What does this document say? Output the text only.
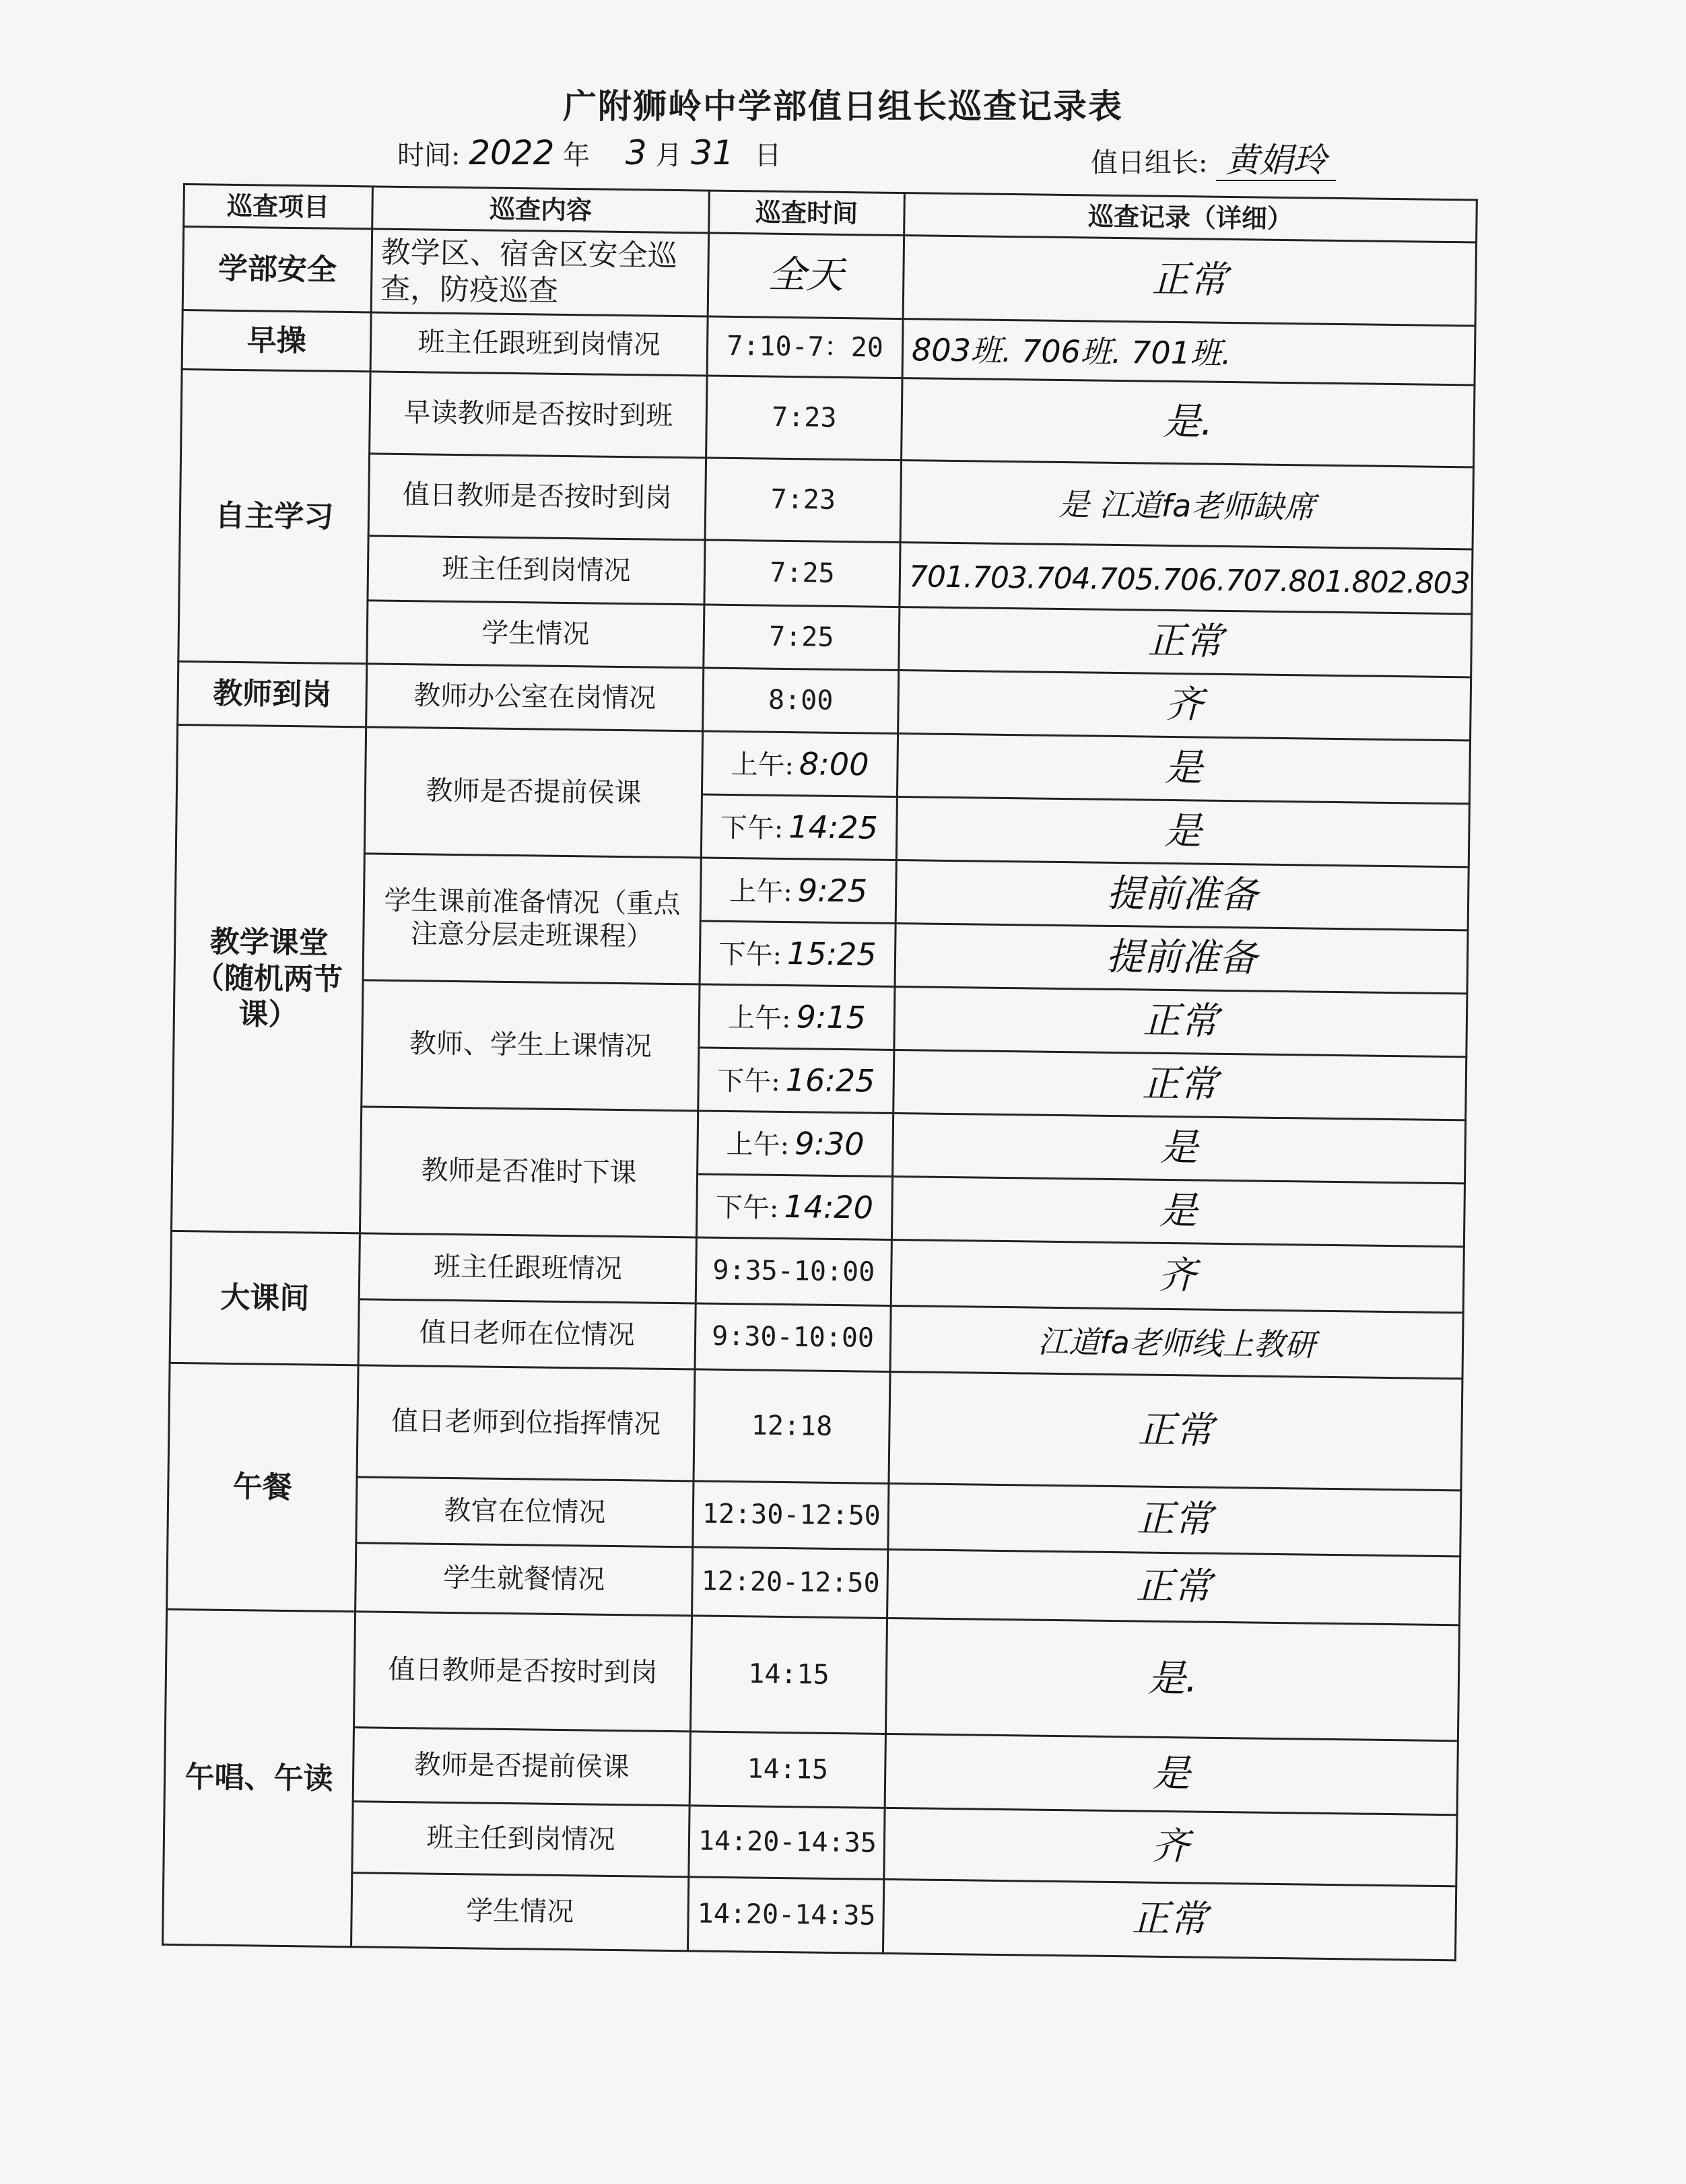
广附狮岭中学部值日组长巡查记录表
时间: 2022 年 3 月 31 日	值日组长: 黄娟玲
巡查项目	巡查内容	巡查时间	巡查记录（详细）
学部安全	教学区、宿舍区安全巡查，防疫巡查	全天	正常
早操	班主任跟班到岗情况	7:10-7：20	803班. 706班. 701班.
自主学习	早读教师是否按时到班	7:23	是.
	值日教师是否按时到岗	7:23	是 江道fa老师缺席
	班主任到岗情况	7:25	701.703.704.705.706.707.801.802.803
	学生情况	7:25	正常
教师到岗	教师办公室在岗情况	8:00	齐
教学课堂（随机两节课）	教师是否提前侯课	上午: 8:00	是
		下午: 14:25	是
	学生课前准备情况（重点注意分层走班课程）	上午: 9:25	提前准备
		下午: 15:25	提前准备
	教师、学生上课情况	上午: 9:15	正常
		下午: 16:25	正常
	教师是否准时下课	上午: 9:30	是
		下午: 14:20	是
大课间	班主任跟班情况	9:35-10:00	齐
	值日老师在位情况	9:30-10:00	江道fa老师线上教研
午餐	值日老师到位指挥情况	12:18	正常
	教官在位情况	12:30-12:50	正常
	学生就餐情况	12:20-12:50	正常
午唱、午读	值日教师是否按时到岗	14:15	是.
	教师是否提前侯课	14:15	是
	班主任到岗情况	14:20-14:35	齐
	学生情况	14:20-14:35	正常
